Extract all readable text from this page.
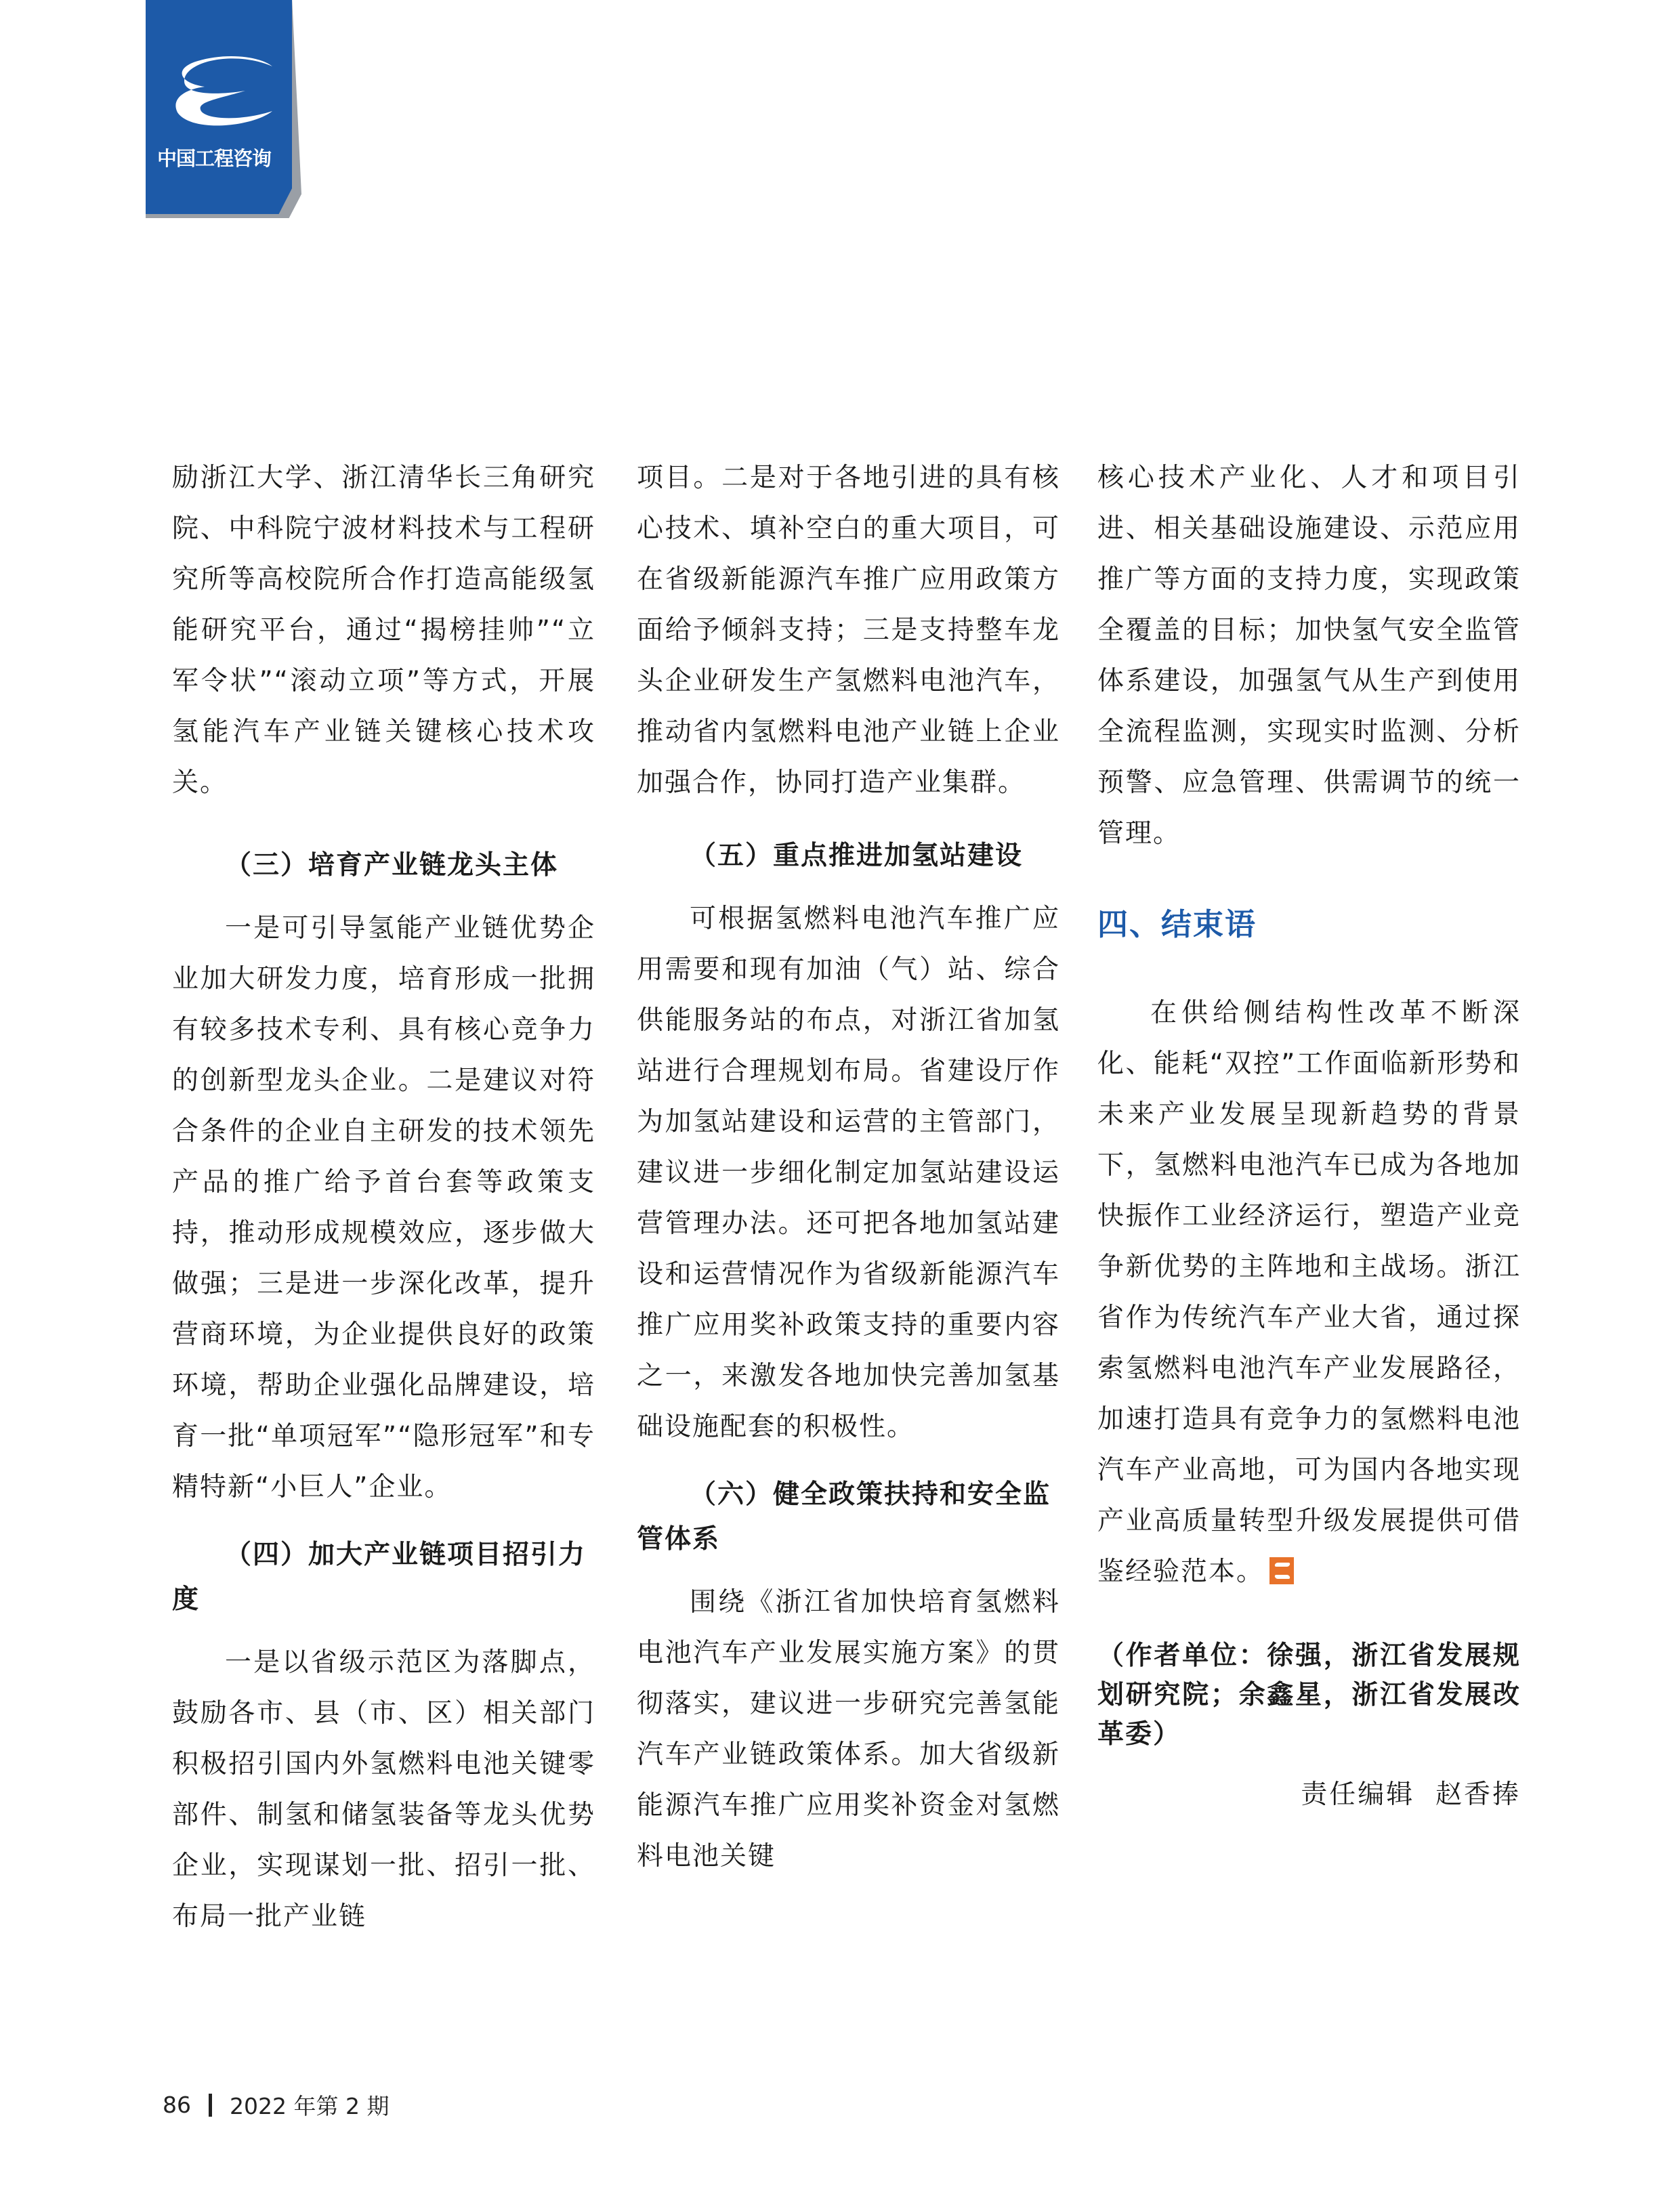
中国工程咨询

励浙江大学、浙江清华长三角研究院、中科院宁波材料技术与工程研究所等高校院所合作打造高能级氢能研究平台，通过“揭榜挂帅”“立军令状”“滚动立项”等方式，开展氢能汽车产业链关键核心技术攻关。

（三）培育产业链龙头主体

一是可引导氢能产业链优势企业加大研发力度，培育形成一批拥有较多技术专利、具有核心竞争力的创新型龙头企业。二是建议对符合条件的企业自主研发的技术领先产品的推广给予首台套等政策支持，推动形成规模效应，逐步做大做强；三是进一步深化改革，提升营商环境，为企业提供良好的政策环境，帮助企业强化品牌建设，培育一批“单项冠军”“隐形冠军”和专精特新“小巨人”企业。

（四）加大产业链项目招引力度

一是以省级示范区为落脚点，鼓励各市、县（市、区）相关部门积极招引国内外氢燃料电池关键零部件、制氢和储氢装备等龙头优势企业，实现谋划一批、招引一批、布局一批产业链

项目。二是对于各地引进的具有核心技术、填补空白的重大项目，可在省级新能源汽车推广应用政策方面给予倾斜支持；三是支持整车龙头企业研发生产氢燃料电池汽车，推动省内氢燃料电池产业链上企业加强合作，协同打造产业集群。

（五）重点推进加氢站建设

可根据氢燃料电池汽车推广应用需要和现有加油（气）站、综合供能服务站的布点，对浙江省加氢站进行合理规划布局。省建设厅作为加氢站建设和运营的主管部门，建议进一步细化制定加氢站建设运营管理办法。还可把各地加氢站建设和运营情况作为省级新能源汽车推广应用奖补政策支持的重要内容之一，来激发各地加快完善加氢基础设施配套的积极性。

（六）健全政策扶持和安全监管体系

围绕《浙江省加快培育氢燃料电池汽车产业发展实施方案》的贯彻落实，建议进一步研究完善氢能汽车产业链政策体系。加大省级新能源汽车推广应用奖补资金对氢燃料电池关键

核心技术产业化、人才和项目引进、相关基础设施建设、示范应用推广等方面的支持力度，实现政策全覆盖的目标；加快氢气安全监管体系建设，加强氢气从生产到使用全流程监测，实现实时监测、分析预警、应急管理、供需调节的统一管理。

四、结束语

在供给侧结构性改革不断深化、能耗“双控”工作面临新形势和未来产业发展呈现新趋势的背景下，氢燃料电池汽车已成为各地加快振作工业经济运行，塑造产业竞争新优势的主阵地和主战场。浙江省作为传统汽车产业大省，通过探索氢燃料电池汽车产业发展路径，加速打造具有竞争力的氢燃料电池汽车产业高地，可为国内各地实现产业高质量转型升级发展提供可借鉴经验范本。

（作者单位：徐强，浙江省发展规划研究院；余鑫星，浙江省发展改革委）

责任编辑  赵香捧

86 2022 年第 2 期
